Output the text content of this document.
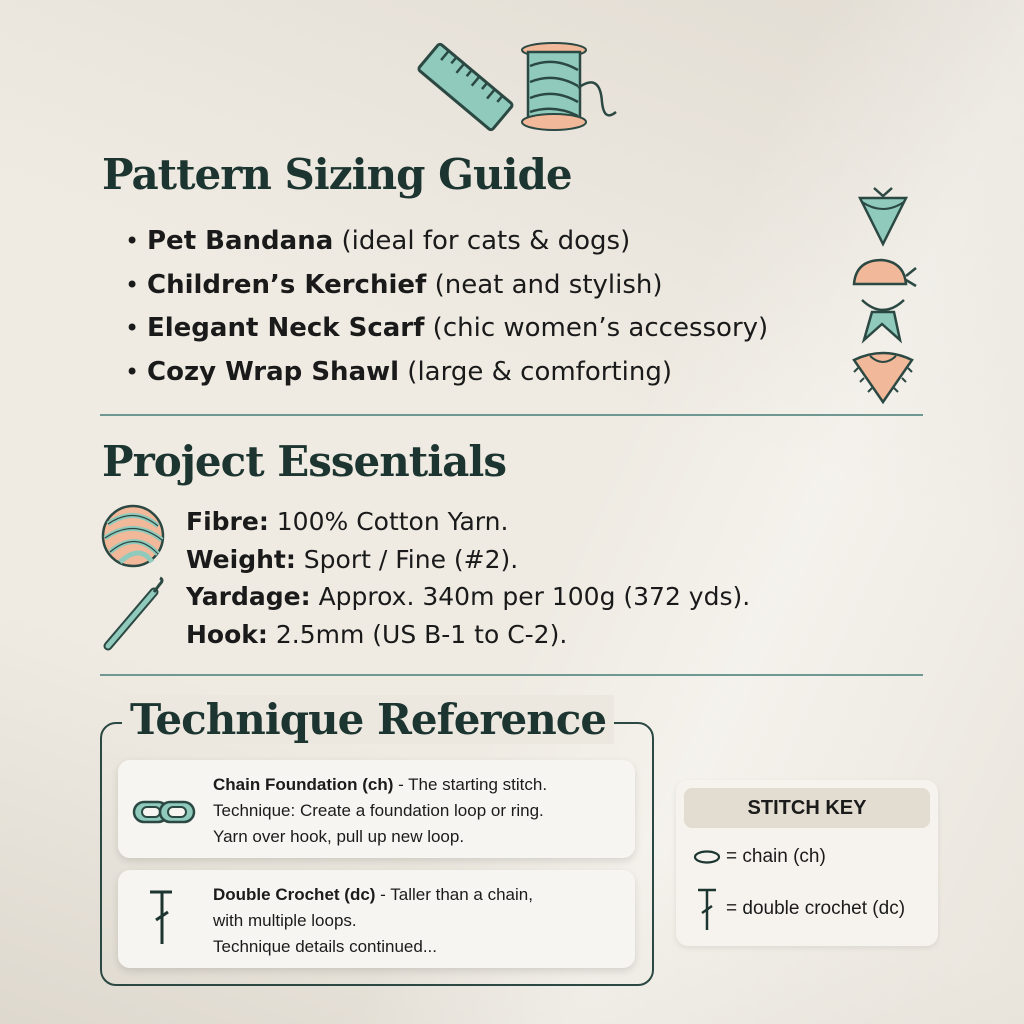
Pattern Sizing Guide
• Pet Bandana (ideal for cats & dogs)
• Children’s Kerchief (neat and stylish)
• Elegant Neck Scarf (chic women’s accessory)
• Cozy Wrap Shawl (large & comforting)
Project Essentials
Fibre: 100% Cotton Yarn.
Weight: Sport / Fine (#2).
Yardage: Approx. 340m per 100g (372 yds).
Hook: 2.5mm (US B-1 to C-2).
Technique Reference
Chain Foundation (ch) - The starting stitch.
Technique: Create a foundation loop or ring.
Yarn over hook, pull up new loop.
Double Crochet (dc) - Taller than a chain,
with multiple loops.
Technique details continued...
STITCH KEY
= chain (ch)
= double crochet (dc)
